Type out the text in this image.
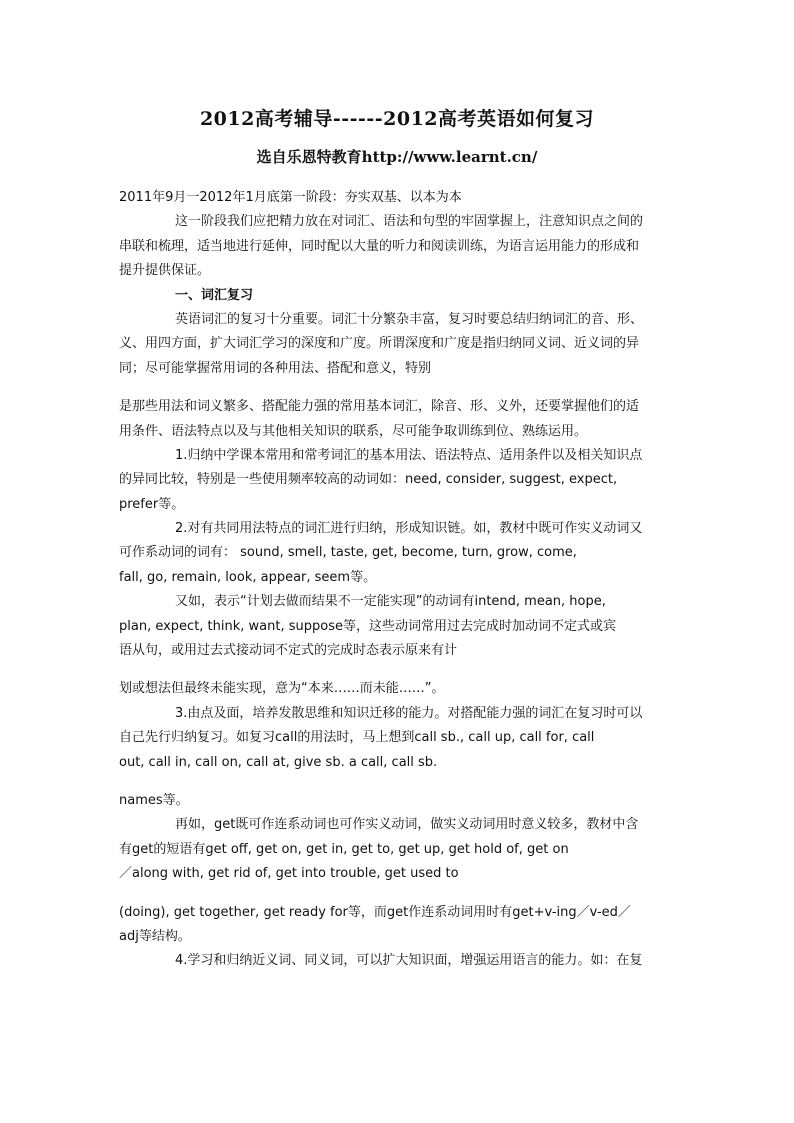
2012高考辅导------2012高考英语如何复习
选自乐恩特教育http://www.learnt.cn/
2011年9月一2012年1月底第一阶段：夯实双基、以本为本
这一阶段我们应把精力放在对词汇、语法和句型的牢固掌握上，注意知识点之间的
串联和梳理，适当地进行延伸，同时配以大量的听力和阅读训练，为语言运用能力的形成和
提升提供保证。
一、词汇复习
英语词汇的复习十分重要。词汇十分繁杂丰富，复习时要总结归纳词汇的音、形、
义、用四方面，扩大词汇学习的深度和广度。所谓深度和广度是指归纳同义词、近义词的异
同；尽可能掌握常用词的各种用法、搭配和意义，特别
是那些用法和词义繁多、搭配能力强的常用基本词汇，除音、形、义外，还要掌握他们的适
用条件、语法特点以及与其他相关知识的联系，尽可能争取训练到位、熟练运用。
1.归纳中学课本常用和常考词汇的基本用法、语法特点、适用条件以及相关知识点
的异同比较，特别是一些使用频率较高的动词如：need, consider, suggest, expect,
prefer等。
2.对有共同用法特点的词汇进行归纳，形成知识链。如，教材中既可作实义动词又
可作系动词的词有： sound, smell, taste, get, become, turn, grow, come,
fall, go, remain, look, appear, seem等。
又如，表示“计划去做而结果不一定能实现”的动词有intend, mean, hope,
plan, expect, think, want, suppose等，这些动词常用过去完成时加动词不定式或宾
语从句，或用过去式接动词不定式的完成时态表示原来有计
划或想法但最终未能实现，意为“本来……而未能……”。
3.由点及面，培养发散思维和知识迁移的能力。对搭配能力强的词汇在复习时可以
自己先行归纳复习。如复习call的用法时，马上想到call sb., call up, call for, call
out, call in, call on, call at, give sb. a call, call sb.
names等。
再如，get既可作连系动词也可作实义动词，做实义动词用时意义较多，教材中含
有get的短语有get off, get on, get in, get to, get up, get hold of, get on
／along with, get rid of, get into trouble, get used to
(doing), get together, get ready for等，而get作连系动词用时有get+v-ing／v-ed／
adj等结构。
4.学习和归纳近义词、同义词，可以扩大知识面，增强运用语言的能力。如：在复
